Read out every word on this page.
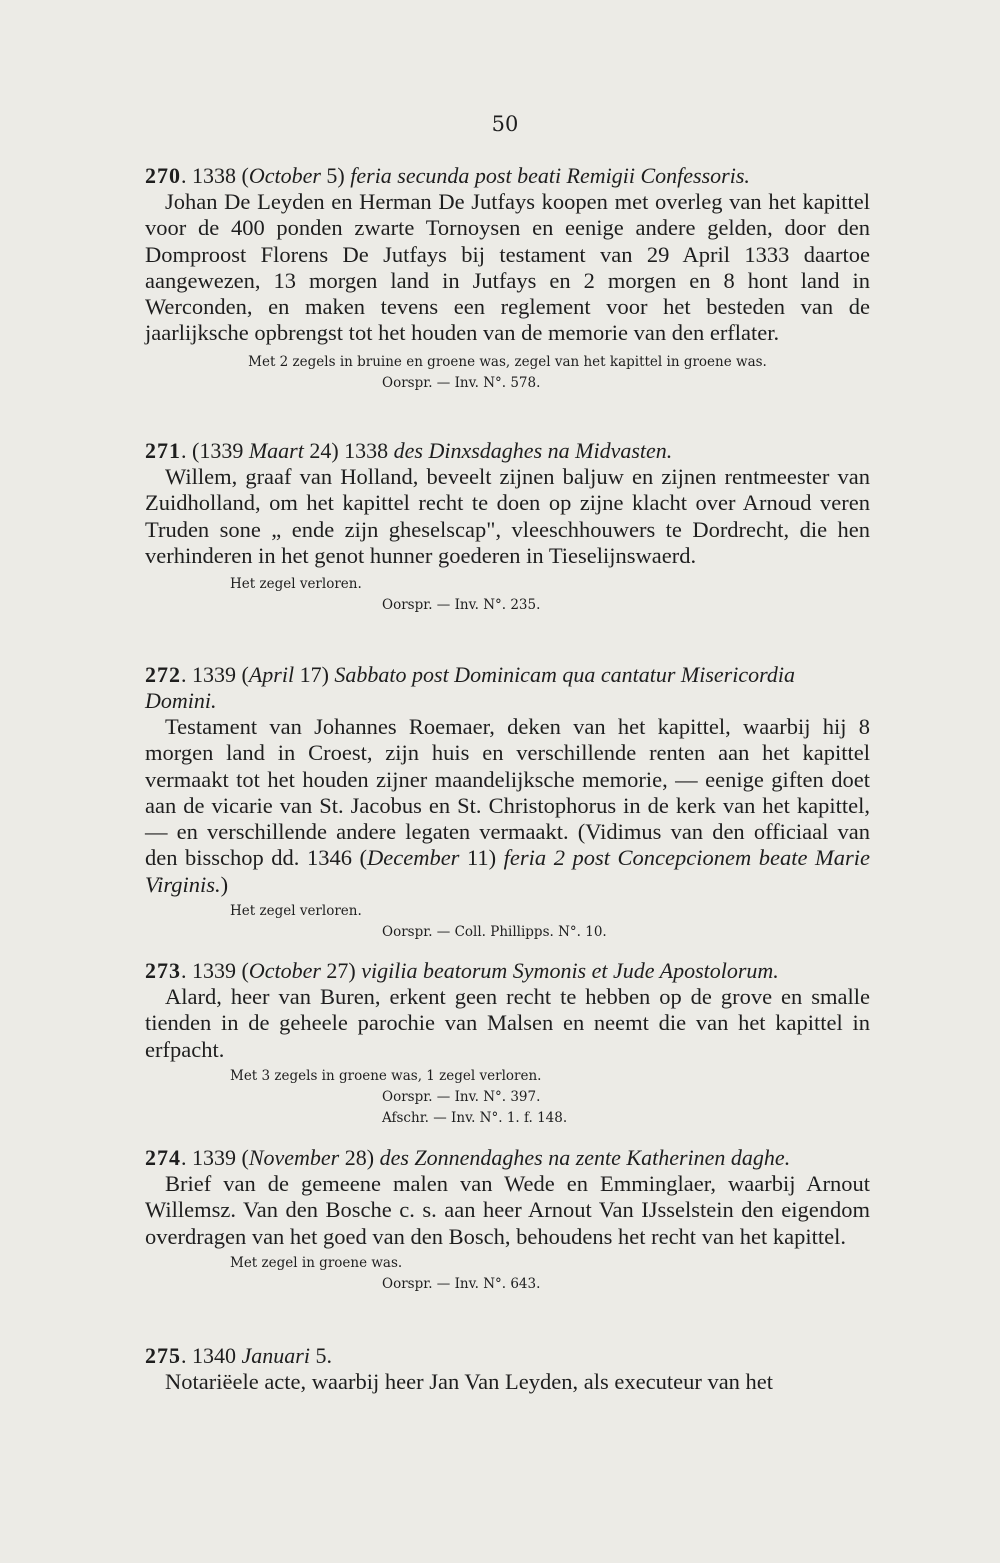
50

270. 1338 (October 5) feria secunda post beati Remigii Confessoris.

Johan De Leyden en Herman De Jutfays koopen met overleg van het kapittel voor de 400 ponden zwarte Tornoysen en eenige andere gelden, door den Domproost Florens De Jutfays bij testament van 29 April 1333 daartoe aangewezen, 13 morgen land in Jutfays en 2 morgen en 8 hont land in Werconden, en maken tevens een reglement voor het besteden van de jaarlijksche opbrengst tot het houden van de memorie van den erflater.

Met 2 zegels in bruine en groene was, zegel van het kapittel in groene was.

Oorspr. — Inv. N°. 578.

271. (1339 Maart 24) 1338 des Dinxsdaghes na Midvasten.

Willem, graaf van Holland, beveelt zijnen baljuw en zijnen rentmeester van Zuidholland, om het kapittel recht te doen op zijne klacht over Arnoud veren Truden sone „ ende zijn gheselscap", vleeschhouwers te Dordrecht, die hen verhinderen in het genot hunner goederen in Tieselijnswaerd.

Het zegel verloren.

Oorspr. — Inv. N°. 235.

272. 1339 (April 17) Sabbato post Dominicam qua cantatur Misericordia Domini.

Testament van Johannes Roemaer, deken van het kapittel, waarbij hij 8 morgen land in Croest, zijn huis en verschillende renten aan het kapittel vermaakt tot het houden zijner maandelijksche memorie, — eenige giften doet aan de vicarie van St. Jacobus en St. Christophorus in de kerk van het kapittel, — en verschillende andere legaten vermaakt. (Vidimus van den officiaal van den bisschop dd. 1346 (December 11) feria 2 post Concepcionem beate Marie Virginis.)

Het zegel verloren.

Oorspr. — Coll. Phillipps. N°. 10.

273. 1339 (October 27) vigilia beatorum Symonis et Jude Apostolorum.

Alard, heer van Buren, erkent geen recht te hebben op de grove en smalle tienden in de geheele parochie van Malsen en neemt die van het kapittel in erfpacht.

Met 3 zegels in groene was, 1 zegel verloren.

Oorspr. — Inv. N°. 397.

Afschr. — Inv. N°. 1. f. 148.

274. 1339 (November 28) des Zonnendaghes na zente Katherinen daghe.

Brief van de gemeene malen van Wede en Emminglaer, waarbij Arnout Willemsz. Van den Bosche c. s. aan heer Arnout Van IJsselstein den eigendom overdragen van het goed van den Bosch, behoudens het recht van het kapittel.

Met zegel in groene was.

Oorspr. — Inv. N°. 643.

275. 1340 Januari 5.

Notariëele acte, waarbij heer Jan Van Leyden, als executeur van het
